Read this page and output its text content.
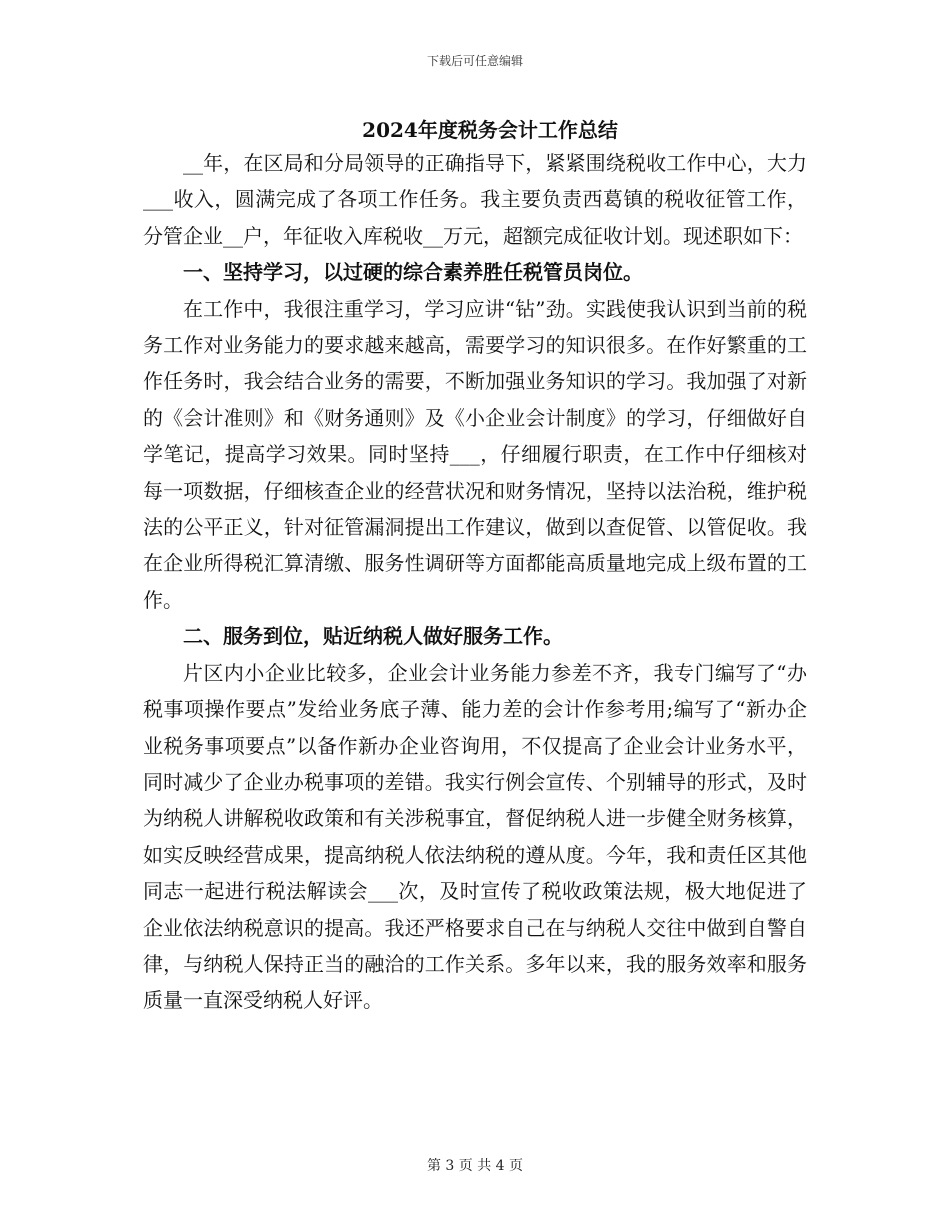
下载后可任意编辑
2024年度税务会计工作总结

__年，在区局和分局领导的正确指导下，紧紧围绕税收工作中心，大力___收入，圆满完成了各项工作任务。我主要负责西葛镇的税收征管工作，分管企业__户，年征收入库税收__万元，超额完成征收计划。现述职如下：

一、坚持学习，以过硬的综合素养胜任税管员岗位。

在工作中，我很注重学习，学习应讲“钻”劲。实践使我认识到当前的税务工作对业务能力的要求越来越高，需要学习的知识很多。在作好繁重的工作任务时，我会结合业务的需要，不断加强业务知识的学习。我加强了对新的《会计准则》和《财务通则》及《小企业会计制度》的学习，仔细做好自学笔记，提高学习效果。同时坚持___，仔细履行职责，在工作中仔细核对每一项数据，仔细核查企业的经营状况和财务情况，坚持以法治税，维护税法的公平正义，针对征管漏洞提出工作建议，做到以查促管、以管促收。我在企业所得税汇算清缴、服务性调研等方面都能高质量地完成上级布置的工作。

二、服务到位，贴近纳税人做好服务工作。

片区内小企业比较多，企业会计业务能力参差不齐，我专门编写了“办税事项操作要点”发给业务底子薄、能力差的会计作参考用;编写了“新办企业税务事项要点”以备作新办企业咨询用，不仅提高了企业会计业务水平，同时减少了企业办税事项的差错。我实行例会宣传、个别辅导的形式，及时为纳税人讲解税收政策和有关涉税事宜，督促纳税人进一步健全财务核算，如实反映经营成果，提高纳税人依法纳税的遵从度。今年，我和责任区其他同志一起进行税法解读会___次，及时宣传了税收政策法规，极大地促进了企业依法纳税意识的提高。我还严格要求自己在与纳税人交往中做到自警自律，与纳税人保持正当的融洽的工作关系。多年以来，我的服务效率和服务质量一直深受纳税人好评。

第 3 页 共 4 页
